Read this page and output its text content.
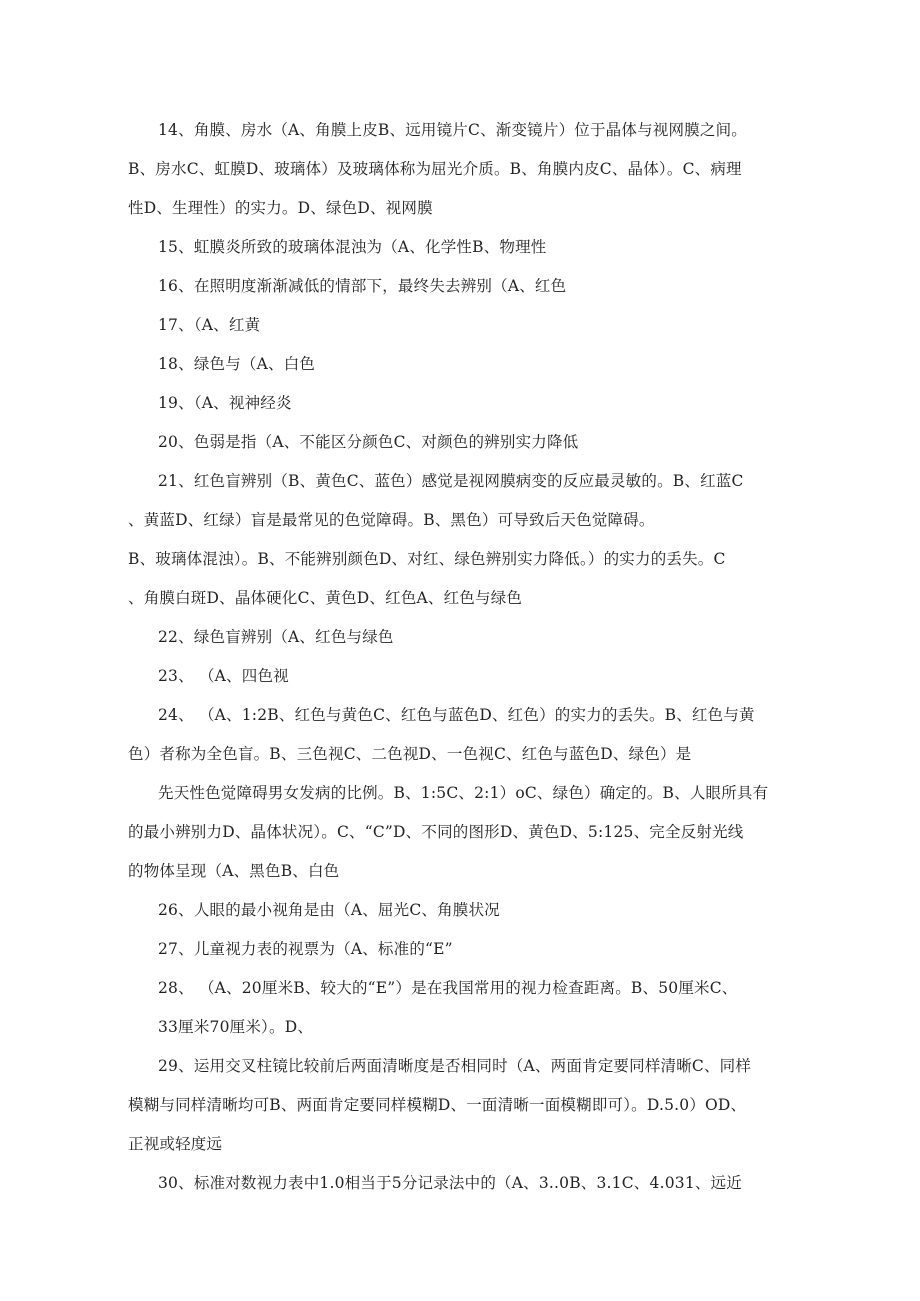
14、角膜、房水（A、角膜上皮B、远用镜片C、渐变镜片）位于晶体与视网膜之间。

B、房水C、虹膜D、玻璃体）及玻璃体称为屈光介质。B、角膜内皮C、晶体）。C、病理

性D、生理性）的实力。D、绿色D、视网膜

15、虹膜炎所致的玻璃体混浊为（A、化学性B、物理性

16、在照明度渐渐减低的情部下，最终失去辨别（A、红色

17、（A、红黄

18、绿色与（A、白色

19、（A、视神经炎

20、色弱是指（A、不能区分颜色C、对颜色的辨别实力降低

21、红色盲辨别（B、黄色C、蓝色）感觉是视网膜病变的反应最灵敏的。B、红蓝C

、黄蓝D、红绿）盲是最常见的色觉障碍。B、黑色）可导致后天色觉障碍。

B、玻璃体混浊）。B、不能辨别颜色D、对红、绿色辨别实力降低。）的实力的丢失。C

、角膜白斑D、晶体硬化C、黄色D、红色A、红色与绿色

22、绿色盲辨别（A、红色与绿色

23、 （A、四色视

24、 （A、1:2B、红色与黄色C、红色与蓝色D、红色）的实力的丢失。B、红色与黄

色）者称为全色盲。B、三色视C、二色视D、一色视C、红色与蓝色D、绿色）是

先天性色觉障碍男女发病的比例。B、1:5C、2:1）oC、绿色）确定的。B、人眼所具有

的最小辨别力D、晶体状况）。C、“C”D、不同的图形D、黄色D、5:125、完全反射光线

的物体呈现（A、黑色B、白色

26、人眼的最小视角是由（A、屈光C、角膜状况

27、儿童视力表的视票为（A、标准的“E”

28、 （A、20厘米B、较大的“E”）是在我国常用的视力检查距离。B、50厘米C、

33厘米70厘米）。D、

29、运用交叉柱镜比较前后两面清晰度是否相同时（A、两面肯定要同样清晰C、同样

模糊与同样清晰均可B、两面肯定要同样模糊D、一面清晰一面模糊即可）。D.5.0）OD、

正视或轻度远

30、标准对数视力表中1.0相当于5分记录法中的（A、3..0B、3.1C、4.031、远近
